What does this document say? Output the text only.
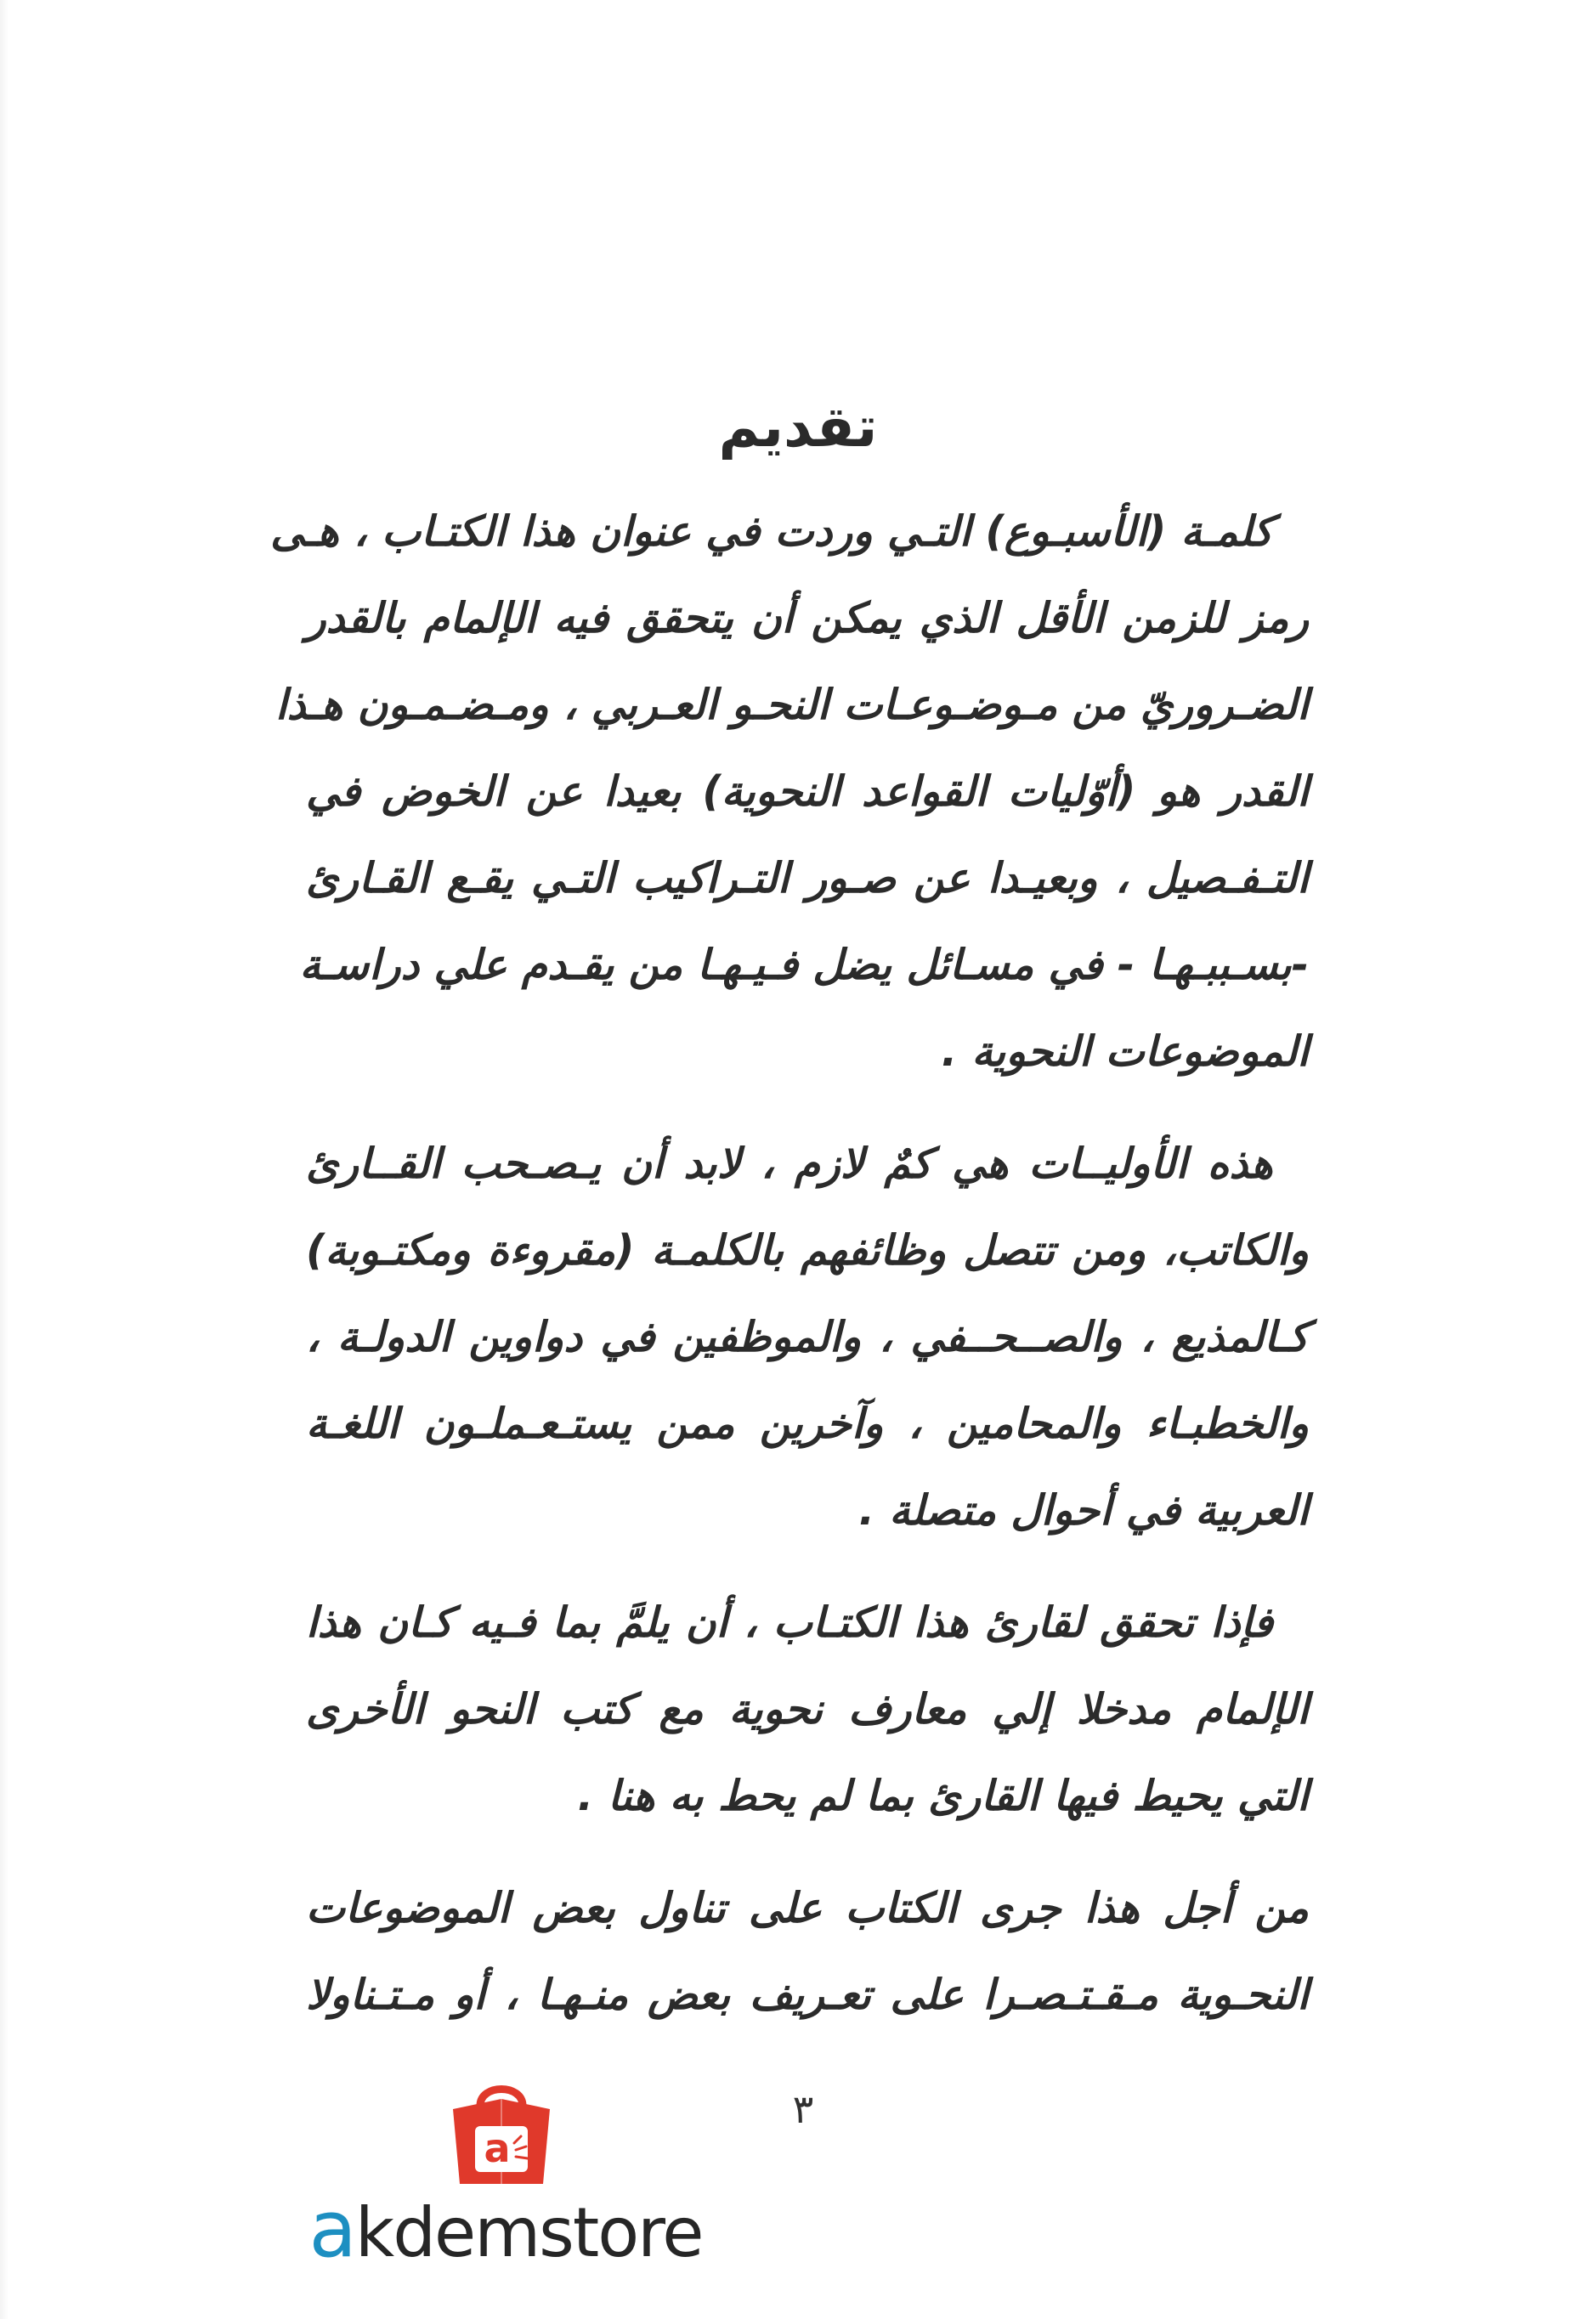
تقديم

كلمـة (الأسبـوع) التـي وردت في عنوان هذا الكتـاب ، هـى
رمز للزمن الأقل الذي يمكن أن يتحقق فيه الإلمام بالقدر
الضـروريّ من مـوضـوعـات النحـو العـربي ، ومـضـمـون هـذا
القدر هو (أوّليات القواعد النحوية) بعيدا عن الخوض في
التـفـصيل ، وبعيـدا عن صـور التـراكيب التـي يقـع القـارئ
-بسـببـهـا - في مسـائل يضل فـيـهـا من يقـدم علي دراسـة
الموضوعات النحوية .

هذه الأوليــات هي كمٌ لازم ، لابد أن يـصـحب القــارئ
والكاتب، ومن تتصل وظائفهم بالكلمـة (مقروءة ومكتـوبة)
كـالمذيع ، والصــحــفي ، والموظفين في دواوين الدولـة ،
والخطبـاء والمحامين ، وآخرين ممن يستـعـملـون اللغـة
العربية في أحوال متصلة .

فإذا تحقق لقارئ هذا الكتـاب ، أن يلمَّ بما فـيه كـان هذا
الإلمام مدخلا إلي معارف نحوية مع كتب النحو الأخرى
التي يحيط فيها القارئ بما لم يحط به هنا .

من أجل هذا جرى الكتاب على تناول بعض الموضوعات
النحـوية مـقـتـصـرا على تعـريف بعض منـهـا ، أو مـتـناولا

٣
a
akdemstore
